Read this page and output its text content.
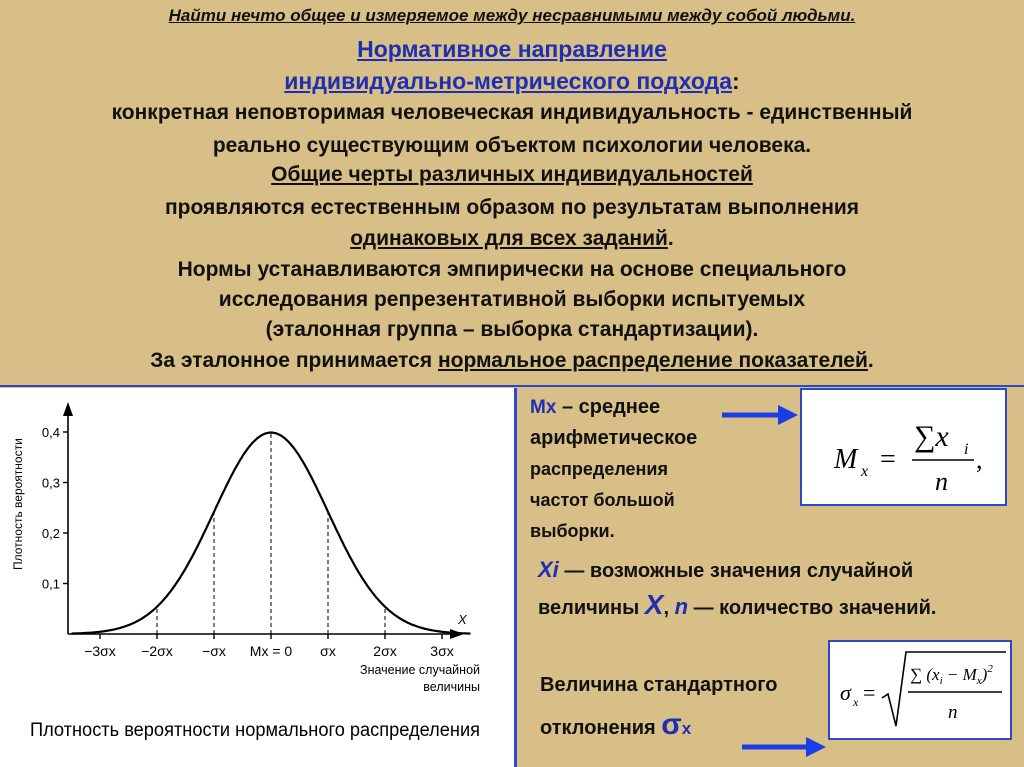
Найти нечто общее и измеряемое между несравнимыми между собой людьми.
Нормативное направление
индивидуально-метрического подхода:
конкретная неповторимая человеческая индивидуальность - единственный
реально существующим объектом психологии человека.
Общие черты различных индивидуальностей
проявляются естественным образом по результатам выполнения
одинаковых для всех заданий.
Нормы устанавливаются эмпирически на основе специального
исследования репрезентативной выборки испытуемых
(эталонная группа – выборка стандартизации).
За эталонное принимается нормальное распределение показателей.
Плотность вероятности
0,1
0,2
0,3
0,4
−3σx −2σx −σx Mx = 0 σx	2σx 3σx
X
Значение случайной
величины
Плотность вероятности нормального распределения
Mx – среднее
арифметическое
распределения
частот большой
выборки.
M x =
∑x i
n
,
Xi — возможные значения случайной
величины X, n — количество значений.
Величина стандартного
отклонения σx
σ x =
∑ $(x_i - M_x)^2$
n
